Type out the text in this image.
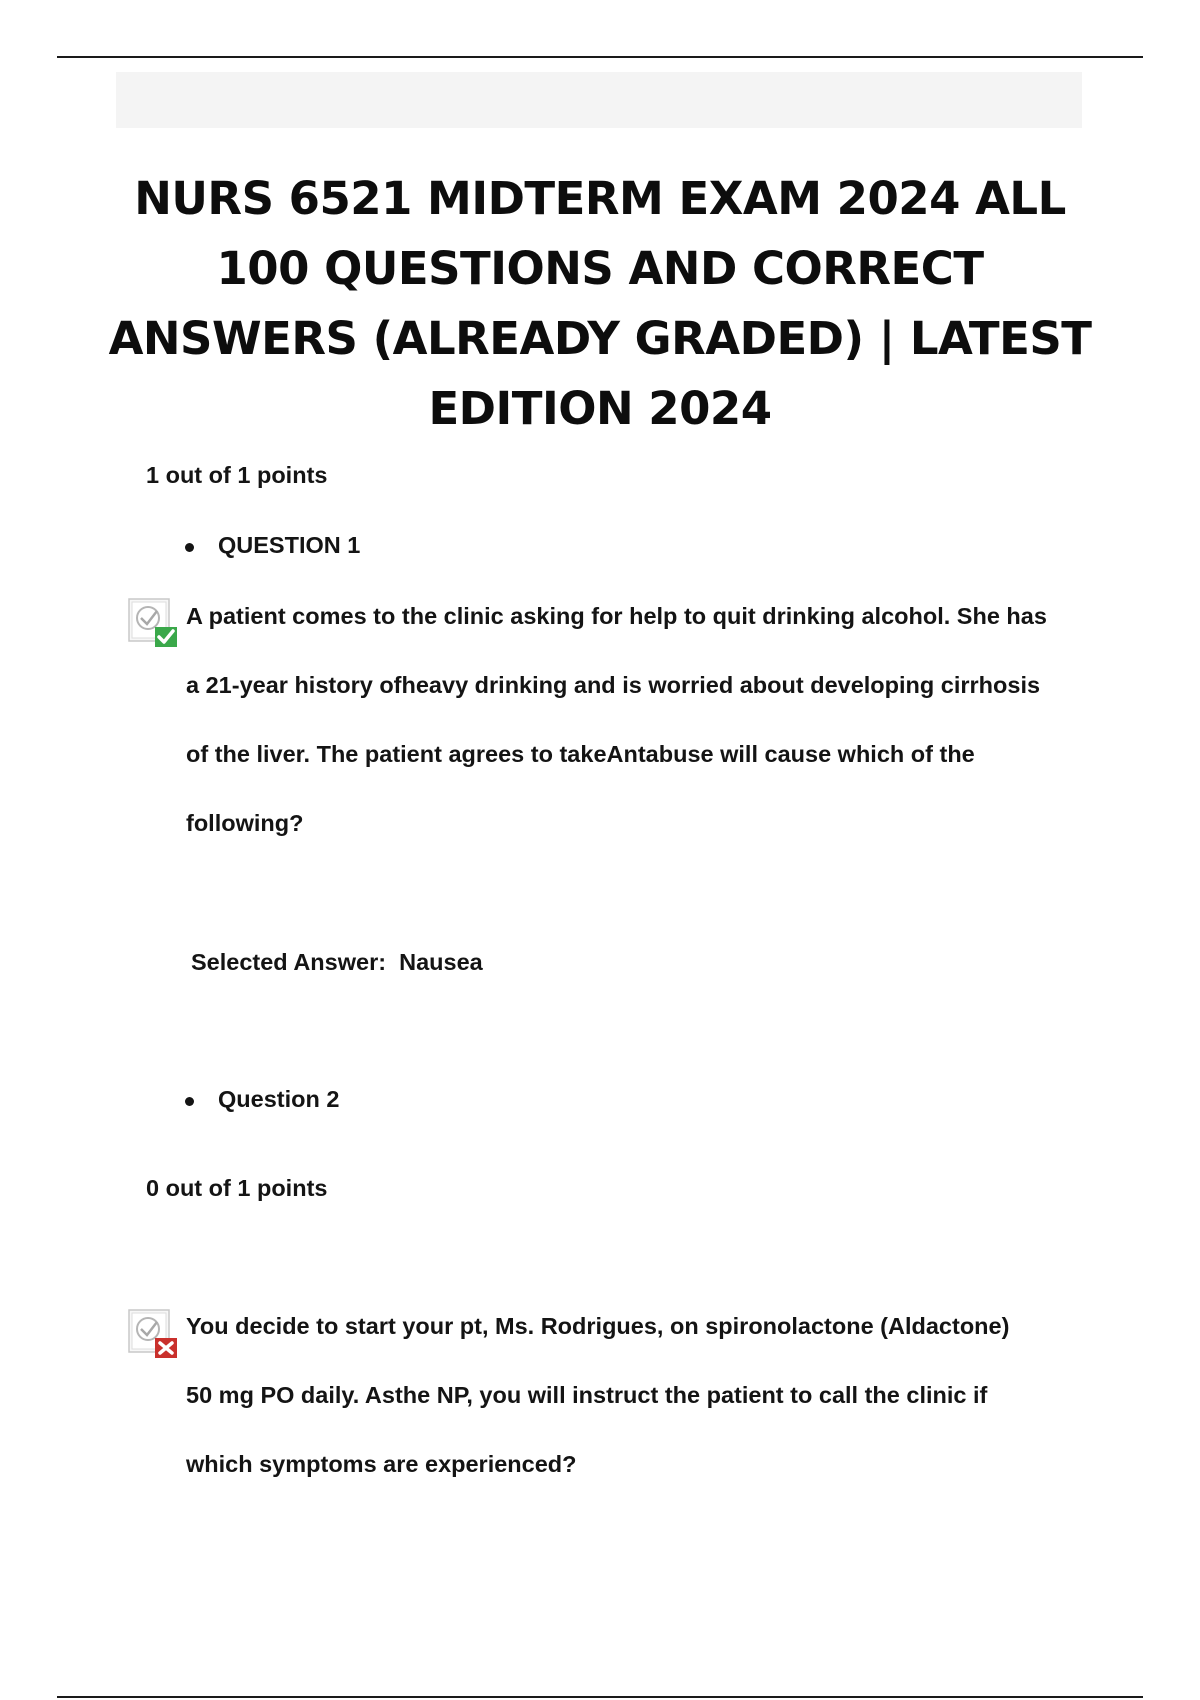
NURS 6521 MIDTERM EXAM 2024 ALL
100 QUESTIONS AND CORRECT
ANSWERS (ALREADY GRADED) | LATEST
EDITION 2024

1 out of 1 points

QUESTION 1

A patient comes to the clinic asking for help to quit drinking alcohol. She has
a 21-year history ofheavy drinking and is worried about developing cirrhosis
of the liver. The patient agrees to takeAntabuse will cause which of the
following?

Selected Answer: Nausea

Question 2

0 out of 1 points

You decide to start your pt, Ms. Rodrigues, on spironolactone (Aldactone)
50 mg PO daily. Asthe NP, you will instruct the patient to call the clinic if
which symptoms are experienced?
